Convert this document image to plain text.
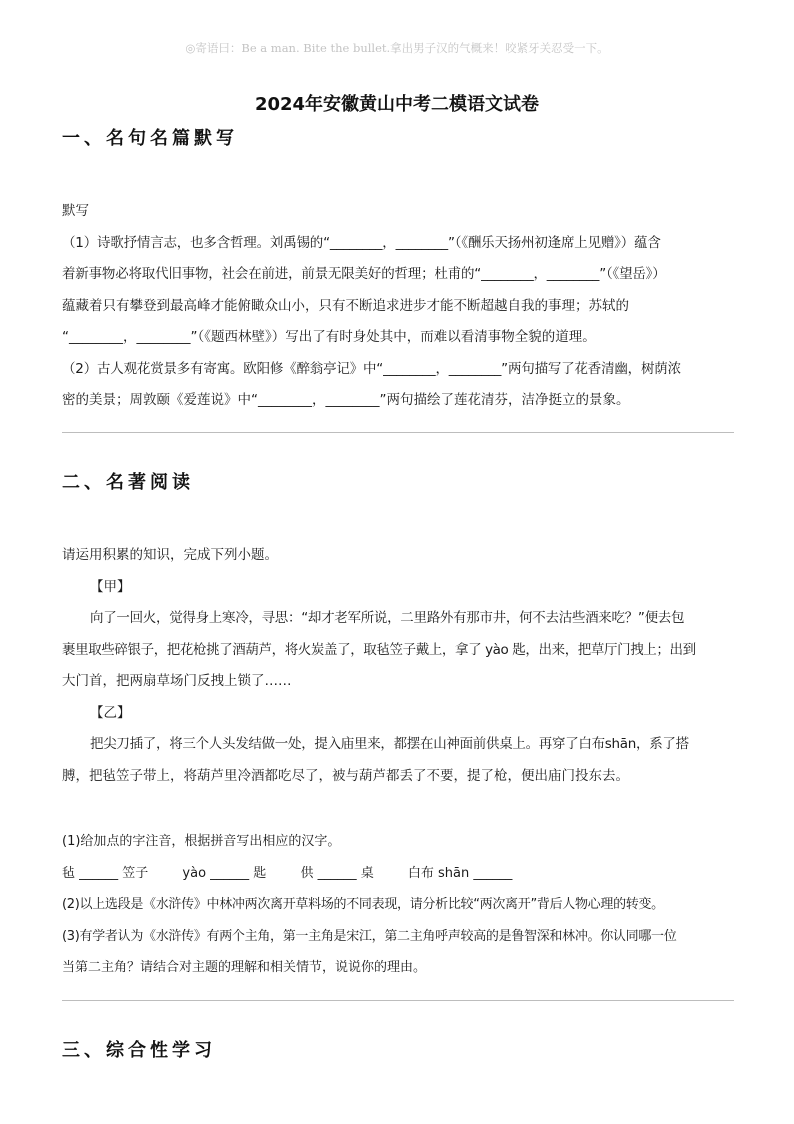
◎寄语曰：Be a man. Bite the bullet.拿出男子汉的气概来！咬紧牙关忍受一下。
2024年安徽黄山中考二模语文试卷
一、名句名篇默写

默写

（1）诗歌抒情言志，也多含哲理。刘禹锡的“________，________”（《酬乐天扬州初逢席上见赠》）蕴含

着新事物必将取代旧事物，社会在前进，前景无限美好的哲理；杜甫的“________，________”（《望岳》）

蕴藏着只有攀登到最高峰才能俯瞰众山小，只有不断追求进步才能不断超越自我的事理；苏轼的

“________，________”（《题西林壁》）写出了有时身处其中，而难以看清事物全貌的道理。

（2）古人观花赏景多有寄寓。欧阳修《醉翁亭记》中“________，________”两句描写了花香清幽，树荫浓

密的美景；周敦颐《爱莲说》中“________，________”两句描绘了莲花清芬，洁净挺立的景象。

二、名著阅读

请运用积累的知识，完成下列小题。

【甲】

向了一回火，觉得身上寒冷，寻思：“却才老军所说，二里路外有那市井，何不去沽些酒来吃？”便去包

裹里取些碎银子，把花枪挑了酒葫芦，将火炭盖了，取毡笠子戴上，拿了 yào 匙，出来，把草厅门拽上；出到

大门首，把两扇草场门反拽上锁了……

【乙】

把尖刀插了，将三个人头发结做一处，提入庙里来，都摆在山神面前供桌上。再穿了白布shān，系了搭

膊，把毡笠子带上，将葫芦里冷酒都吃尽了，被与葫芦都丢了不要，提了枪，便出庙门投东去。

(1)给加点的字注音，根据拼音写出相应的汉字。

毡 ______ 笠子	yào ______ 匙	供 ______ 桌	白布 shān ______

(2)以上选段是《水浒传》中林冲两次离开草料场的不同表现，请分析比较“两次离开”背后人物心理的转变。

(3)有学者认为《水浒传》有两个主角，第一主角是宋江，第二主角呼声较高的是鲁智深和林冲。你认同哪一位

当第二主角？请结合对主题的理解和相关情节，说说你的理由。

三、综合性学习
